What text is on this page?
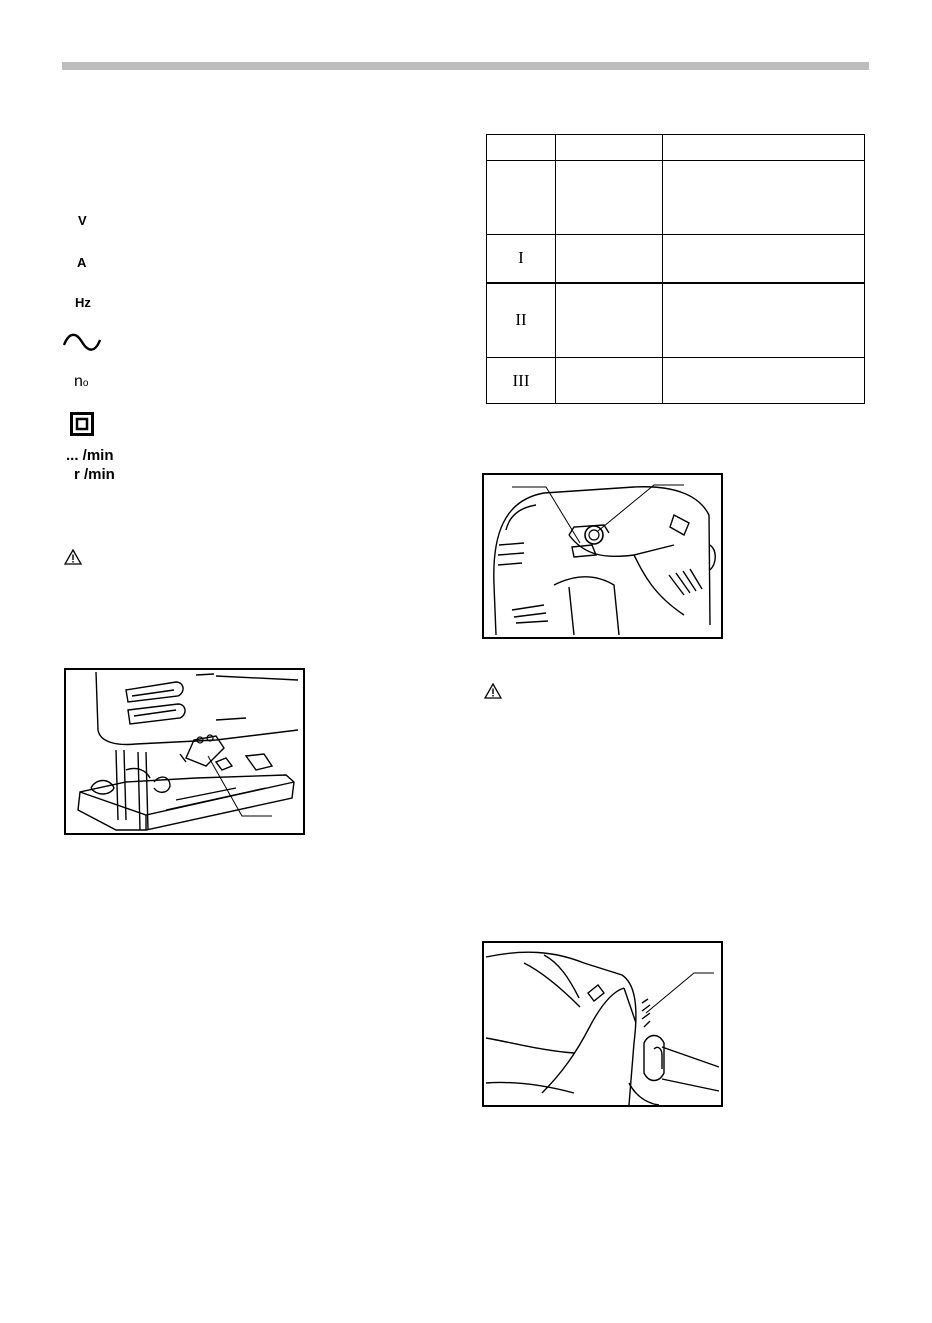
V
A
Hz
no
... /min
r /min

I		
II		
III		
